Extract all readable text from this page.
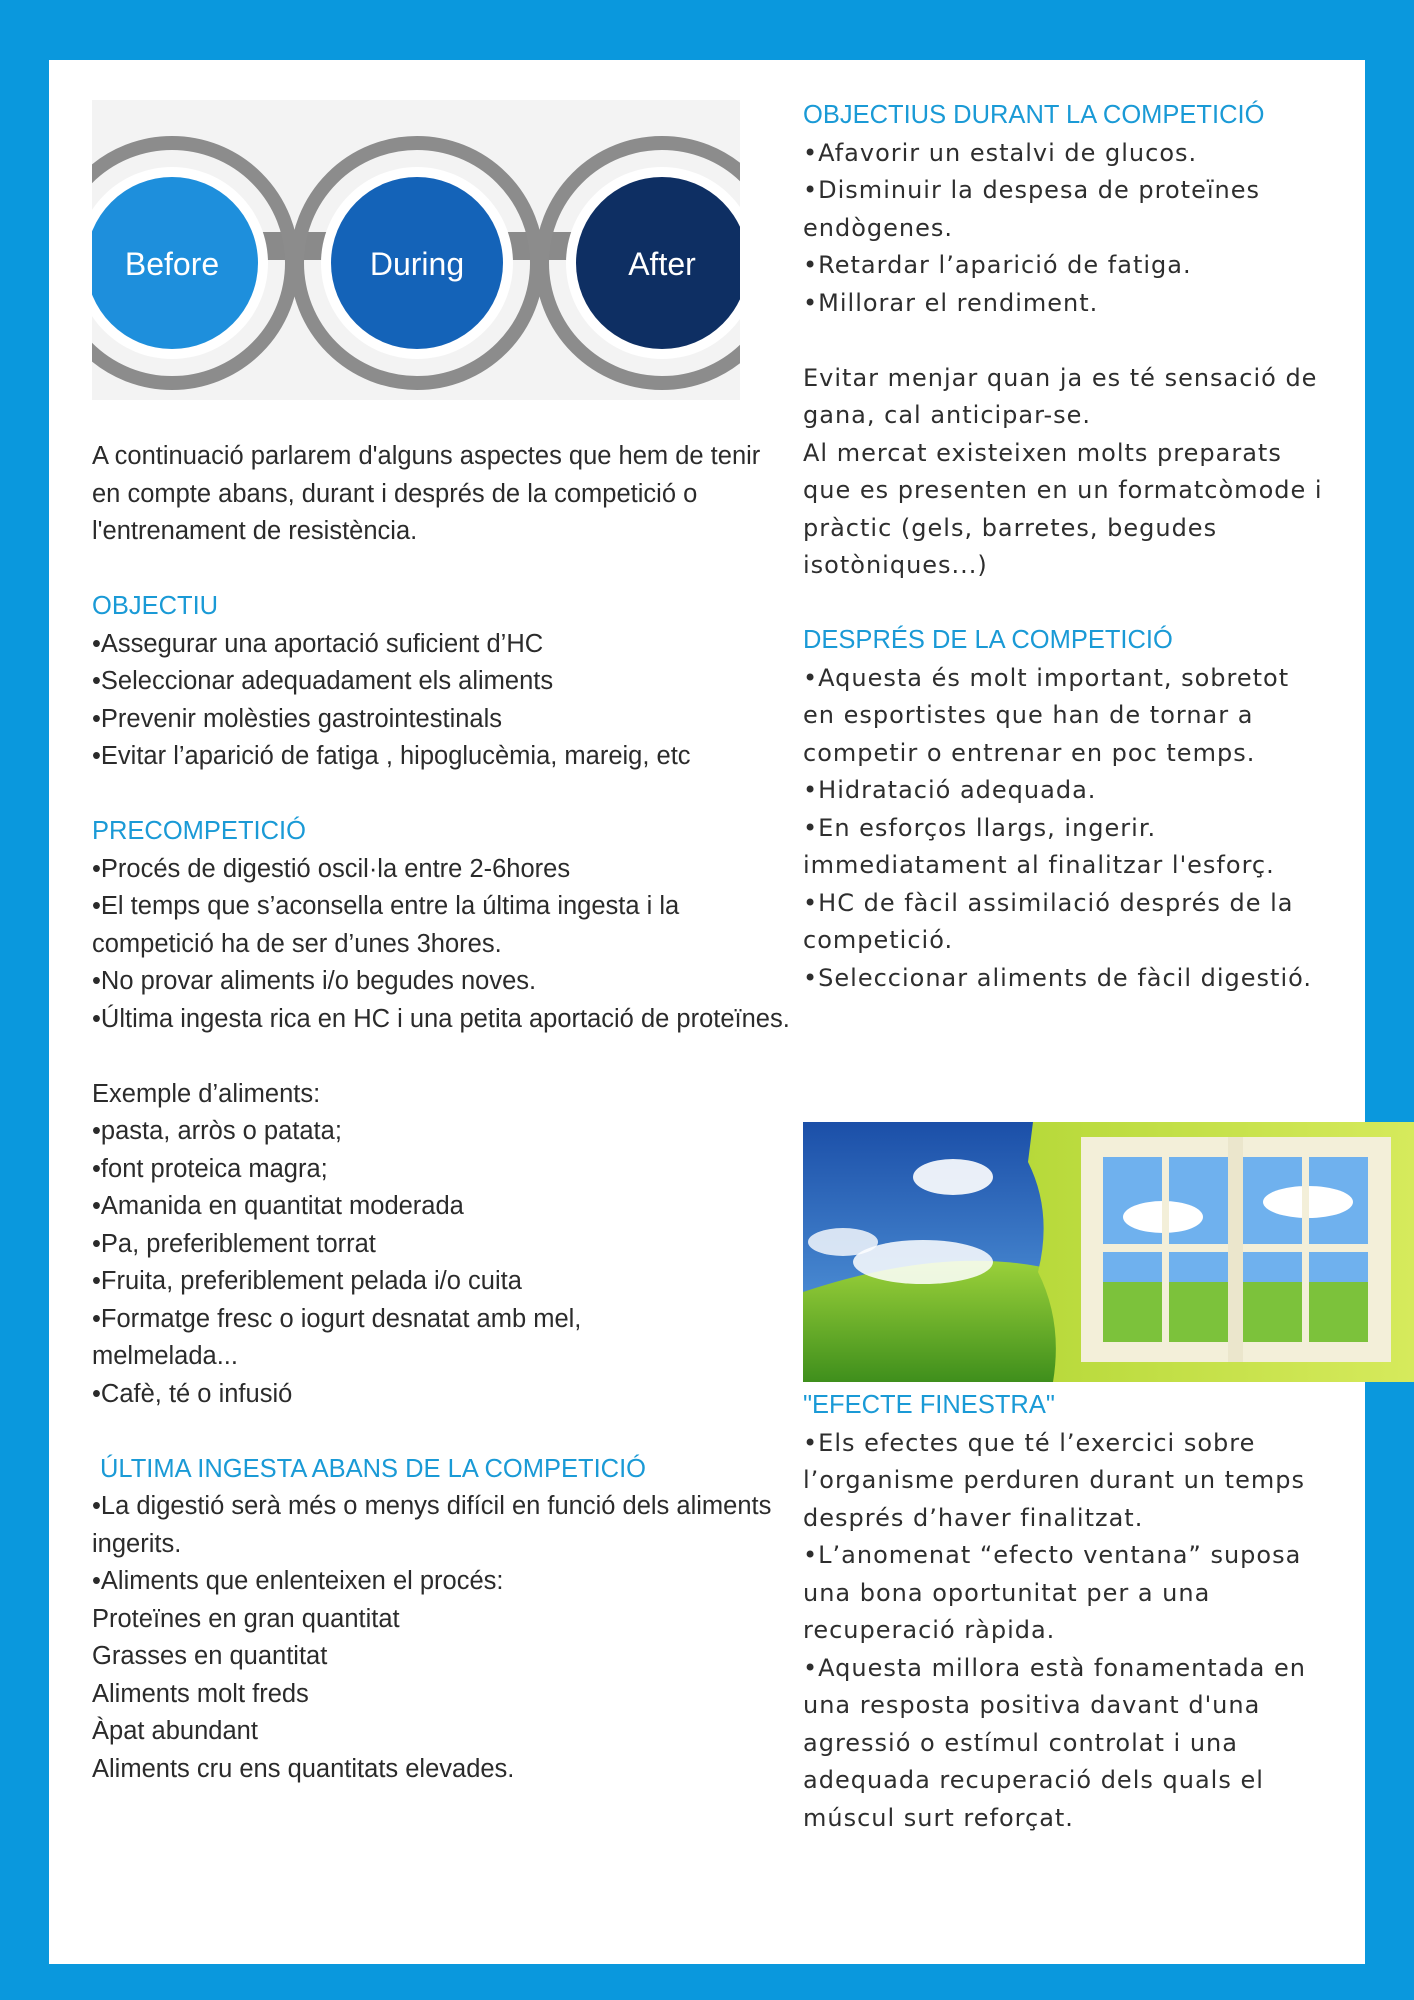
Before	During	After
A continuació parlarem d'alguns aspectes que hem de tenir en compte abans, durant i després de la competició o l'entrenament de resistència.
OBJECTIU
•Assegurar una aportació suficient d’HC
•Seleccionar adequadament els aliments
•Prevenir molèsties gastrointestinals
•Evitar l’aparició de fatiga , hipoglucèmia, mareig, etc
PRECOMPETICIÓ
•Procés de digestió oscil·la entre 2-6hores
•El temps que s’aconsella entre la última ingesta i la competició ha de ser d’unes 3hores.
•No provar aliments i/o begudes noves.
•Última ingesta rica en HC i una petita aportació de proteïnes.
Exemple d’aliments:
•pasta, arròs o patata;
•font proteica magra;
•Amanida en quantitat moderada
•Pa, preferiblement torrat
•Fruita, preferiblement pelada i/o cuita
•Formatge fresc o iogurt desnatat amb mel, melmelada...
•Cafè, té o infusió
ÚLTIMA INGESTA ABANS DE LA COMPETICIÓ
•La digestió serà més o menys difícil en funció dels aliments ingerits.
•Aliments que enlenteixen el procés:
Proteïnes en gran quantitat
Grasses en quantitat
Aliments molt freds
Àpat abundant
Aliments cru ens quantitats elevades.
OBJECTIUS DURANT LA COMPETICIÓ
•Afavorir un estalvi de glucos.
•Disminuir la despesa de proteïnes endògenes.
•Retardar l’aparició de fatiga.
•Millorar el rendiment.
Evitar menjar quan ja es té sensació de gana, cal anticipar-se.
Al mercat existeixen molts preparats que es presenten en un formatcòmode i pràctic (gels, barretes, begudes isotòniques...)
DESPRÉS DE LA COMPETICIÓ
•Aquesta és molt important, sobretot en esportistes que han de tornar a competir o entrenar en poc temps.
•Hidratació adequada.
•En esforços llargs, ingerir. immediatament al finalitzar l'esforç.
•HC de fàcil assimilació després de la competició.
•Seleccionar aliments de fàcil digestió.
"EFECTE FINESTRA"
•Els efectes que té l’exercici sobre l’organisme perduren durant un temps després d’haver finalitzat.
•L’anomenat “efecto ventana” suposa una bona oportunitat per a una recuperació ràpida.
•Aquesta millora està fonamentada en una resposta positiva davant d'una agressió o estímul controlat i una adequada recuperació dels quals el múscul surt reforçat.
